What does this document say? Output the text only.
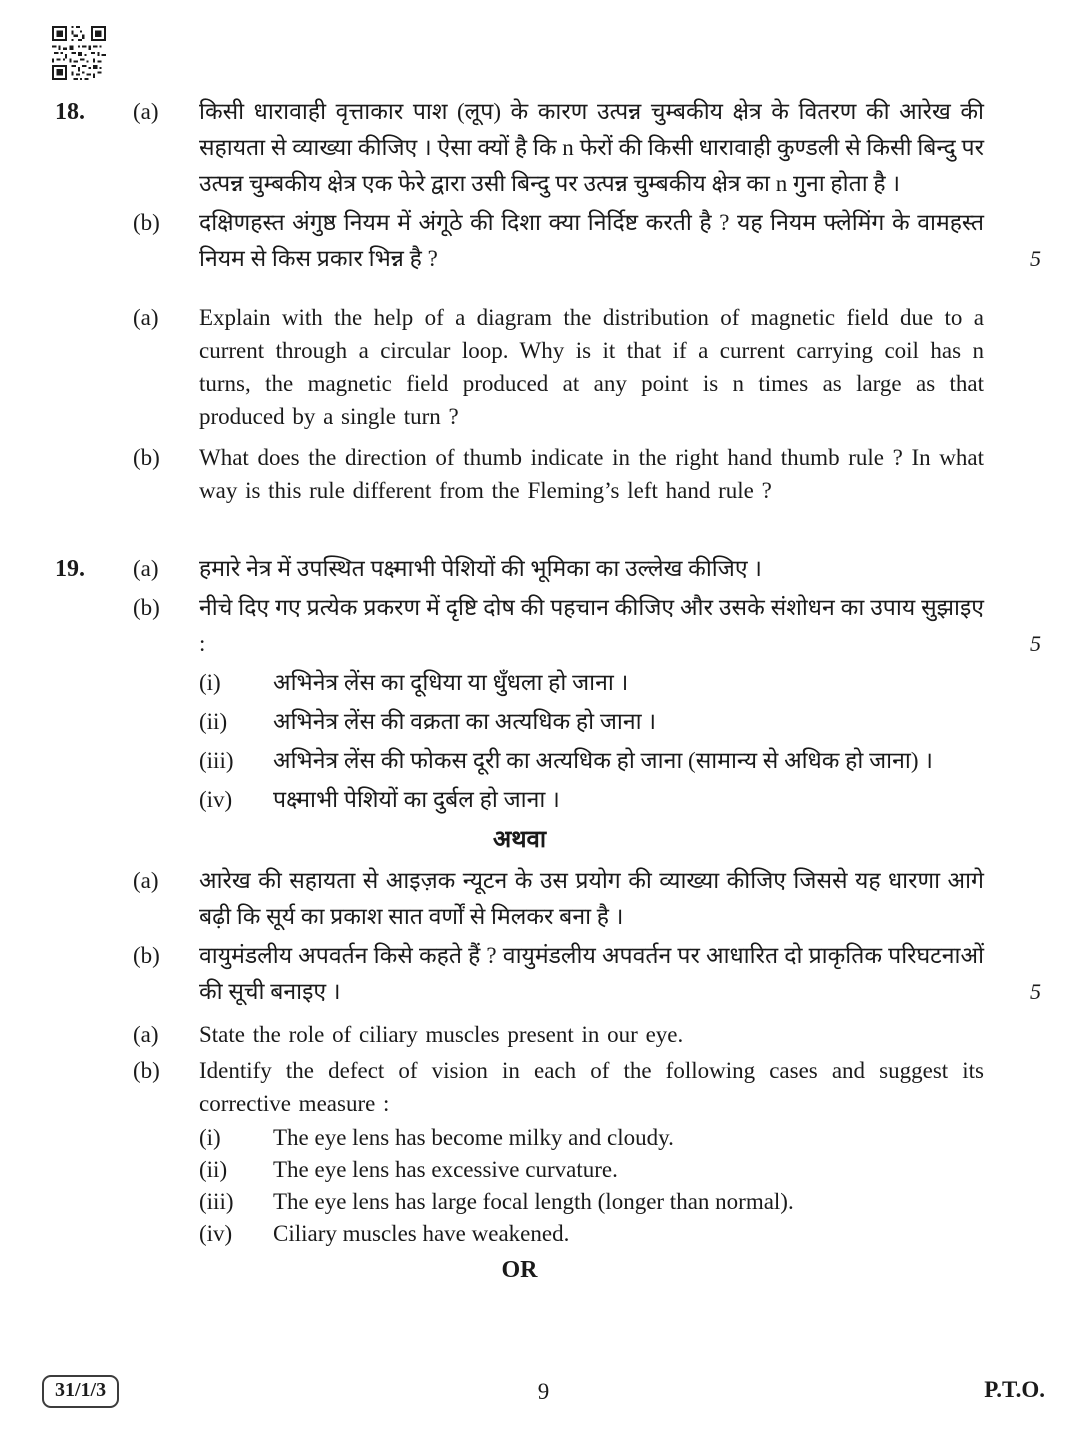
18.	(a)	किसी धारावाही वृत्ताकार पाश (लूप) के कारण उत्पन्न चुम्बकीय क्षेत्र के वितरण की आरेख की सहायता से व्याख्या कीजिए । ऐसा क्यों है कि n फेरों की किसी धारावाही कुण्डली से किसी बिन्दु पर उत्पन्न चुम्बकीय क्षेत्र एक फेरे द्वारा उसी बिन्दु पर उत्पन्न चुम्बकीय क्षेत्र का n गुना होता है ।

(b)	दक्षिणहस्त अंगुष्ठ नियम में अंगूठे की दिशा क्या निर्दिष्ट करती है ? यह नियम फ्लेमिंग के वामहस्त नियम से किस प्रकार भिन्न है ?	5
(a)	Explain with the help of a diagram the distribution of magnetic field due to a current through a circular loop. Why is it that if a current carrying coil has n turns, the magnetic field produced at any point is n times as large as that produced by a single turn ?

(b)	What does the direction of thumb indicate in the right hand thumb rule ? In what way is this rule different from the Fleming’s left hand rule ?

19.	(a)	हमारे नेत्र में उपस्थित पक्ष्माभी पेशियों की भूमिका का उल्लेख कीजिए ।

(b)	नीचे दिए गए प्रत्येक प्रकरण में दृष्टि दोष की पहचान कीजिए और उसके संशोधन का उपाय सुझाइए :	5
(i)	अभिनेत्र लेंस का दूधिया या धुँधला हो जाना ।
(ii)	अभिनेत्र लेंस की वक्रता का अत्यधिक हो जाना ।
(iii)	अभिनेत्र लेंस की फोकस दूरी का अत्यधिक हो जाना (सामान्य से अधिक हो जाना) ।
(iv)	पक्ष्माभी पेशियों का दुर्बल हो जाना ।
अथवा
(a)	आरेख की सहायता से आइज़क न्यूटन के उस प्रयोग की व्याख्या कीजिए जिससे यह धारणा आगे बढ़ी कि सूर्य का प्रकाश सात वर्णों से मिलकर बना है ।

(b)	वायुमंडलीय अपवर्तन किसे कहते हैं ? वायुमंडलीय अपवर्तन पर आधारित दो प्राकृतिक परिघटनाओं की सूची बनाइए ।	5
(a)	State the role of ciliary muscles present in our eye.

(b)	Identify the defect of vision in each of the following cases and suggest its corrective measure :

(i)	The eye lens has become milky and cloudy.
(ii)	The eye lens has excessive curvature.
(iii)	The eye lens has large focal length (longer than normal).
(iv)	Ciliary muscles have weakened.
OR
31/1/3	9	P.T.O.
